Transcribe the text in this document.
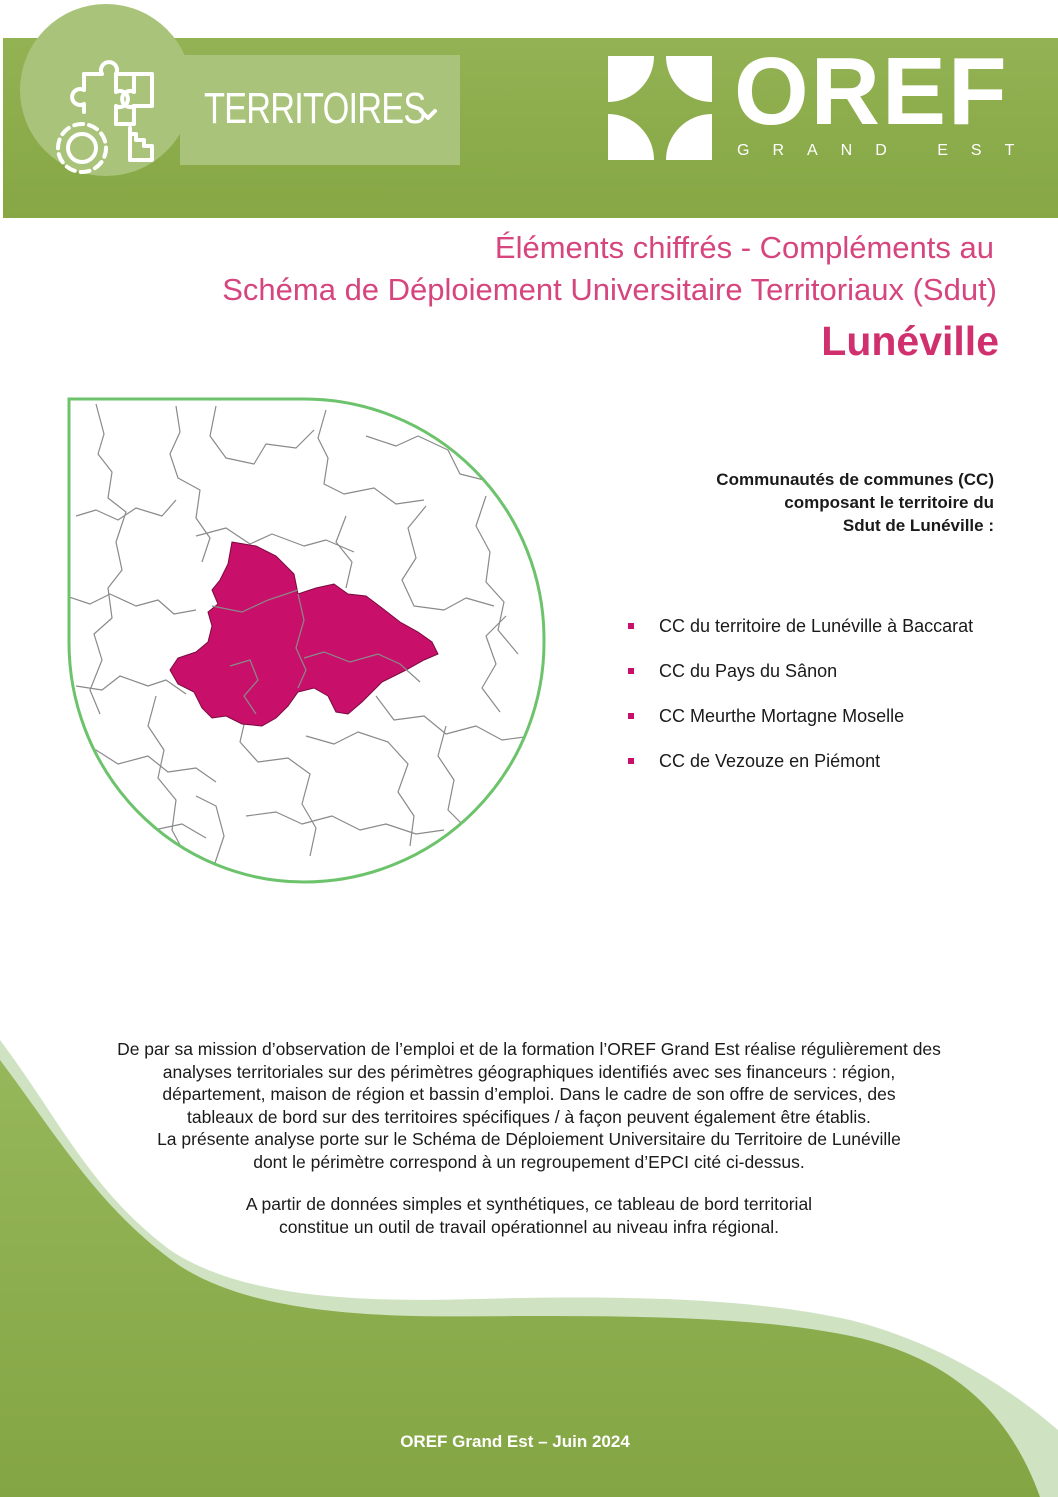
TERRITOIRES	OREF
GRAND EST
Éléments chiffrés - Compléments au
Schéma de Déploiement Universitaire Territoriaux (Sdut)
Lunéville
Communautés de communes (CC)
composant le territoire du
Sdut de Lunéville :
CC du territoire de Lunéville à Baccarat
CC du Pays du Sânon
CC Meurthe Mortagne Moselle
CC de Vezouze en Piémont
De par sa mission d’observation de l’emploi et de la formation l’OREF Grand Est réalise régulièrement des
analyses territoriales sur des périmètres géographiques identifiés avec ses financeurs : région,
département, maison de région et bassin d’emploi. Dans le cadre de son offre de services, des
tableaux de bord sur des territoires spécifiques / à façon peuvent également être établis.
La présente analyse porte sur le Schéma de Déploiement Universitaire du Territoire de Lunéville
dont le périmètre correspond à un regroupement d’EPCI cité ci-dessus.
A partir de données simples et synthétiques, ce tableau de bord territorial
constitue un outil de travail opérationnel au niveau infra régional.
OREF Grand Est – Juin 2024
